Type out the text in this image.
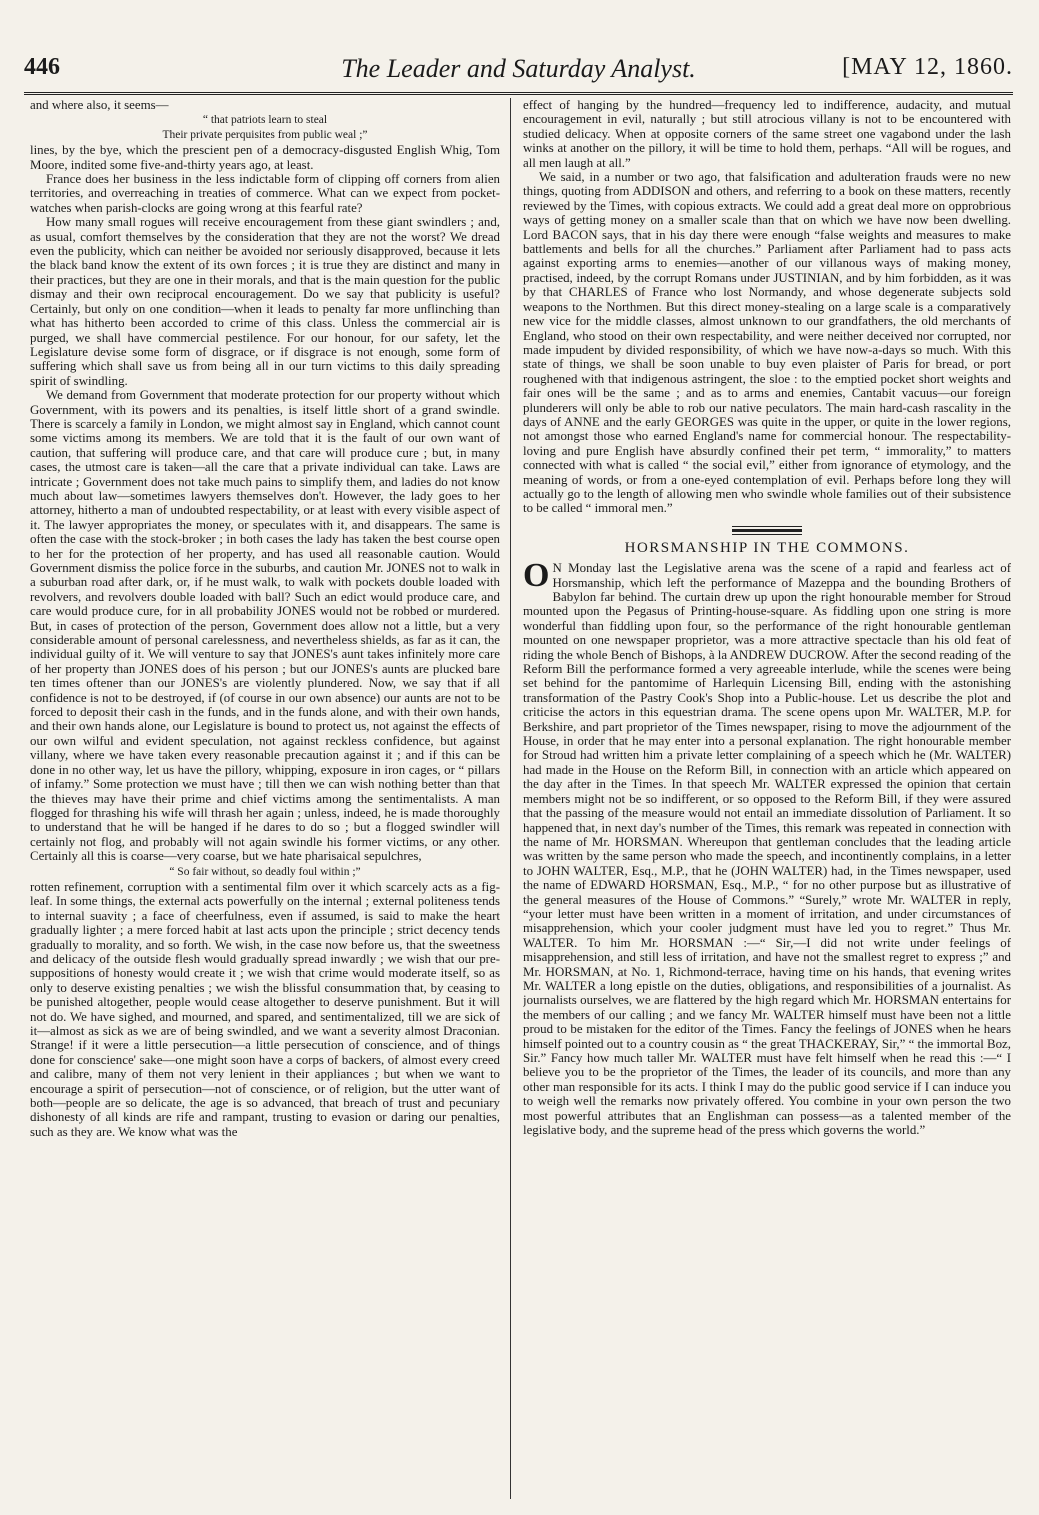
446	The Leader and Saturday Analyst.	[MAY 12, 1860.

and where also, it seems—

“ that patriots learn to steal
Their private perquisites from public weal ;”

lines, by the bye, which the prescient pen of a democracy-disgusted English Whig, Tom Moore, indited some five-and-thirty years ago, at least.

France does her business in the less indictable form of clipping off corners from alien territories, and overreaching in treaties of commerce. What can we expect from pocket-watches when parish-clocks are going wrong at this fearful rate?

How many small rogues will receive encouragement from these giant swindlers ; and, as usual, comfort themselves by the consideration that they are not the worst? We dread even the publicity, which can neither be avoided nor seriously disapproved, because it lets the black band know the extent of its own forces ; it is true they are distinct and many in their practices, but they are one in their morals, and that is the main question for the public dismay and their own reciprocal encouragement. Do we say that publicity is useful? Certainly, but only on one condition—when it leads to penalty far more unflinching than what has hitherto been accorded to crime of this class. Unless the commercial air is purged, we shall have commercial pestilence. For our honour, for our safety, let the Legislature devise some form of disgrace, or if disgrace is not enough, some form of suffering which shall save us from being all in our turn victims to this daily spreading spirit of swindling.

We demand from Government that moderate protection for our property without which Government, with its powers and its penalties, is itself little short of a grand swindle. There is scarcely a family in London, we might almost say in England, which cannot count some victims among its members. We are told that it is the fault of our own want of caution, that suffering will produce care, and that care will produce cure ; but, in many cases, the utmost care is taken—all the care that a private individual can take. Laws are intricate ; Government does not take much pains to simplify them, and ladies do not know much about law—sometimes lawyers themselves don't. However, the lady goes to her attorney, hitherto a man of undoubted respectability, or at least with every visible aspect of it. The lawyer appropriates the money, or speculates with it, and disappears. The same is often the case with the stock-broker ; in both cases the lady has taken the best course open to her for the protection of her property, and has used all reasonable caution. Would Government dismiss the police force in the suburbs, and caution Mr. JONES not to walk in a suburban road after dark, or, if he must walk, to walk with pockets double loaded with revolvers, and revolvers double loaded with ball? Such an edict would produce care, and care would produce cure, for in all probability JONES would not be robbed or murdered. But, in cases of protection of the person, Government does allow not a little, but a very considerable amount of personal carelessness, and nevertheless shields, as far as it can, the individual guilty of it. We will venture to say that JONES's aunt takes infinitely more care of her property than JONES does of his person ; but our JONES's aunts are plucked bare ten times oftener than our JONES's are violently plundered. Now, we say that if all confidence is not to be destroyed, if (of course in our own absence) our aunts are not to be forced to deposit their cash in the funds, and in the funds alone, and with their own hands, and their own hands alone, our Legislature is bound to protect us, not against the effects of our own wilful and evident speculation, not against reckless confidence, but against villany, where we have taken every reasonable precaution against it ; and if this can be done in no other way, let us have the pillory, whipping, exposure in iron cages, or “ pillars of infamy.” Some protection we must have ; till then we can wish nothing better than that the thieves may have their prime and chief victims among the sentimentalists. A man flogged for thrashing his wife will thrash her again ; unless, indeed, he is made thoroughly to understand that he will be hanged if he dares to do so ; but a flogged swindler will certainly not flog, and probably will not again swindle his former victims, or any other. Certainly all this is coarse—very coarse, but we hate pharisaical sepulchres,

“ So fair without, so deadly foul within ;”

rotten refinement, corruption with a sentimental film over it which scarcely acts as a fig-leaf. In some things, the external acts powerfully on the internal ; external politeness tends to internal suavity ; a face of cheerfulness, even if assumed, is said to make the heart gradually lighter ; a mere forced habit at last acts upon the principle ; strict decency tends gradually to morality, and so forth. We wish, in the case now before us, that the sweetness and delicacy of the outside flesh would gradually spread inwardly ; we wish that our pre-suppositions of honesty would create it ; we wish that crime would moderate itself, so as only to deserve existing penalties ; we wish the blissful consummation that, by ceasing to be punished altogether, people would cease altogether to deserve punishment. But it will not do. We have sighed, and mourned, and spared, and sentimentalized, till we are sick of it—almost as sick as we are of being swindled, and we want a severity almost Draconian. Strange! if it were a little persecution—a little persecution of conscience, and of things done for conscience' sake—one might soon have a corps of backers, of almost every creed and calibre, many of them not very lenient in their appliances ; but when we want to encourage a spirit of persecution—not of conscience, or of religion, but the utter want of both—people are so delicate, the age is so advanced, that breach of trust and pecuniary dishonesty of all kinds are rife and rampant, trusting to evasion or daring our penalties, such as they are. We know what was the

effect of hanging by the hundred—frequency led to indifference, audacity, and mutual encouragement in evil, naturally ; but still atrocious villany is not to be encountered with studied delicacy. When at opposite corners of the same street one vagabond under the lash winks at another on the pillory, it will be time to hold them, perhaps. “All will be rogues, and all men laugh at all.”

We said, in a number or two ago, that falsification and adulteration frauds were no new things, quoting from ADDISON and others, and referring to a book on these matters, recently reviewed by the Times, with copious extracts. We could add a great deal more on opprobrious ways of getting money on a smaller scale than that on which we have now been dwelling. Lord BACON says, that in his day there were enough “false weights and measures to make battlements and bells for all the churches.” Parliament after Parliament had to pass acts against exporting arms to enemies—another of our villanous ways of making money, practised, indeed, by the corrupt Romans under JUSTINIAN, and by him forbidden, as it was by that CHARLES of France who lost Normandy, and whose degenerate subjects sold weapons to the Northmen. But this direct money-stealing on a large scale is a comparatively new vice for the middle classes, almost unknown to our grandfathers, the old merchants of England, who stood on their own respectability, and were neither deceived nor corrupted, nor made impudent by divided responsibility, of which we have now-a-days so much. With this state of things, we shall be soon unable to buy even plaister of Paris for bread, or port roughened with that indigenous astringent, the sloe : to the emptied pocket short weights and fair ones will be the same ; and as to arms and enemies, Cantabit vacuus—our foreign plunderers will only be able to rob our native peculators. The main hard-cash rascality in the days of ANNE and the early GEORGES was quite in the upper, or quite in the lower regions, not amongst those who earned England's name for commercial honour. The respectability-loving and pure English have absurdly confined their pet term, “ immorality,” to matters connected with what is called “ the social evil,” either from ignorance of etymology, and the meaning of words, or from a one-eyed contemplation of evil. Perhaps before long they will actually go to the length of allowing men who swindle whole families out of their subsistence to be called “ immoral men.”

HORSMANSHIP IN THE COMMONS.

O N Monday last the Legislative arena was the scene of a rapid and fearless act of Horsmanship, which left the performance of Mazeppa and the bounding Brothers of Babylon far behind. The curtain drew up upon the right honourable member for Stroud mounted upon the Pegasus of Printing-house-square. As fiddling upon one string is more wonderful than fiddling upon four, so the performance of the right honourable gentleman mounted on one newspaper proprietor, was a more attractive spectacle than his old feat of riding the whole Bench of Bishops, à la ANDREW DUCROW. After the second reading of the Reform Bill the performance formed a very agreeable interlude, while the scenes were being set behind for the pantomime of Harlequin Licensing Bill, ending with the astonishing transformation of the Pastry Cook's Shop into a Public-house. Let us describe the plot and criticise the actors in this equestrian drama. The scene opens upon Mr. WALTER, M.P. for Berkshire, and part proprietor of the Times newspaper, rising to move the adjournment of the House, in order that he may enter into a personal explanation. The right honourable member for Stroud had written him a private letter complaining of a speech which he (Mr. WALTER) had made in the House on the Reform Bill, in connection with an article which appeared on the day after in the Times. In that speech Mr. WALTER expressed the opinion that certain members might not be so indifferent, or so opposed to the Reform Bill, if they were assured that the passing of the measure would not entail an immediate dissolution of Parliament. It so happened that, in next day's number of the Times, this remark was repeated in connection with the name of Mr. HORSMAN. Whereupon that gentleman concludes that the leading article was written by the same person who made the speech, and incontinently complains, in a letter to JOHN WALTER, Esq., M.P., that he (JOHN WALTER) had, in the Times newspaper, used the name of EDWARD HORSMAN, Esq., M.P., “ for no other purpose but as illustrative of the general measures of the House of Commons.” “Surely,” wrote Mr. WALTER in reply, “your letter must have been written in a moment of irritation, and under circumstances of misapprehension, which your cooler judgment must have led you to regret.” Thus Mr. WALTER. To him Mr. HORSMAN :—“ Sir,—I did not write under feelings of misapprehension, and still less of irritation, and have not the smallest regret to express ;” and Mr. HORSMAN, at No. 1, Richmond-terrace, having time on his hands, that evening writes Mr. WALTER a long epistle on the duties, obligations, and responsibilities of a journalist. As journalists ourselves, we are flattered by the high regard which Mr. HORSMAN entertains for the members of our calling ; and we fancy Mr. WALTER himself must have been not a little proud to be mistaken for the editor of the Times. Fancy the feelings of JONES when he hears himself pointed out to a country cousin as “ the great THACKERAY, Sir,” “ the immortal Boz, Sir.” Fancy how much taller Mr. WALTER must have felt himself when he read this :—“ I believe you to be the proprietor of the Times, the leader of its councils, and more than any other man responsible for its acts. I think I may do the public good service if I can induce you to weigh well the remarks now privately offered. You combine in your own person the two most powerful attributes that an Englishman can possess—as a talented member of the legislative body, and the supreme head of the press which governs the world.”
